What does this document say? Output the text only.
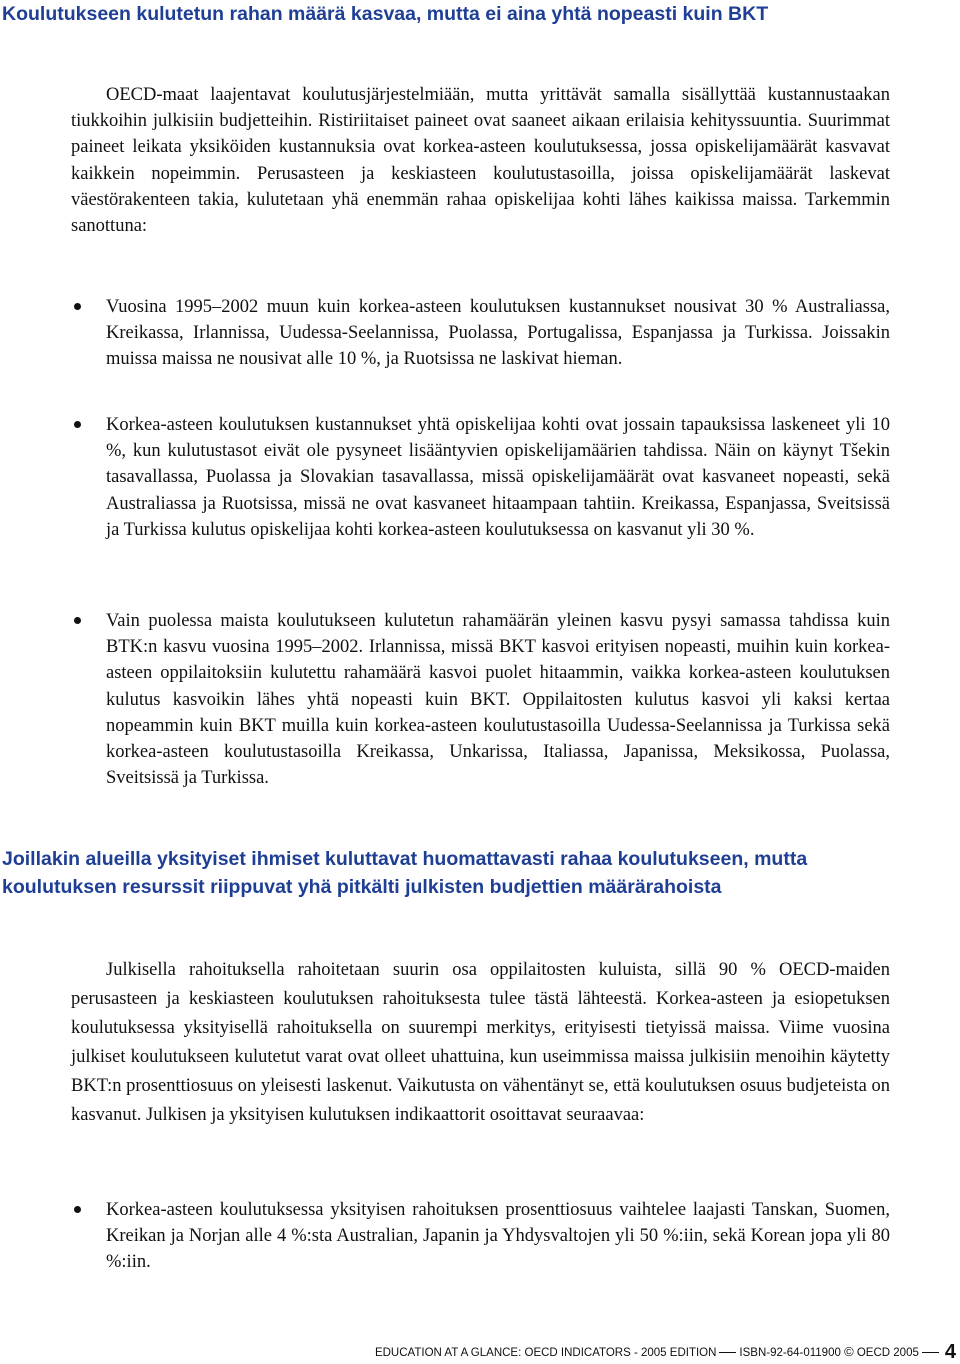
Koulutukseen kulutetun rahan määrä kasvaa, mutta ei aina yhtä nopeasti kuin BKT

OECD-maat laajentavat koulutusjärjestelmiään, mutta yrittävät samalla sisällyttää kustannustaakan tiukkoihin julkisiin budjetteihin. Ristiriitaiset paineet ovat saaneet aikaan erilaisia kehityssuuntia. Suurimmat paineet leikata yksiköiden kustannuksia ovat korkea-asteen koulutuksessa, jossa opiskelijamäärät kasvavat kaikkein nopeimmin. Perusasteen ja keskiasteen koulutustasoilla, joissa opiskelijamäärät laskevat väestörakenteen takia, kulutetaan yhä enemmän rahaa opiskelijaa kohti lähes kaikissa maissa. Tarkemmin sanottuna:

Vuosina 1995–2002 muun kuin korkea-asteen koulutuksen kustannukset nousivat 30 % Australiassa, Kreikassa, Irlannissa, Uudessa-Seelannissa, Puolassa, Portugalissa, Espanjassa ja Turkissa. Joissakin muissa maissa ne nousivat alle 10 %, ja Ruotsissa ne laskivat hieman.

Korkea-asteen koulutuksen kustannukset yhtä opiskelijaa kohti ovat jossain tapauksissa laskeneet yli 10 %, kun kulutustasot eivät ole pysyneet lisääntyvien opiskelijamäärien tahdissa. Näin on käynyt Tšekin tasavallassa, Puolassa ja Slovakian tasavallassa, missä opiskelijamäärät ovat kasvaneet nopeasti, sekä Australiassa ja Ruotsissa, missä ne ovat kasvaneet hitaampaan tahtiin. Kreikassa, Espanjassa, Sveitsissä ja Turkissa kulutus opiskelijaa kohti korkea-asteen koulutuksessa on kasvanut yli 30 %.

Vain puolessa maista koulutukseen kulutetun rahamäärän yleinen kasvu pysyi samassa tahdissa kuin BTK:n kasvu vuosina 1995–2002. Irlannissa, missä BKT kasvoi erityisen nopeasti, muihin kuin korkea-asteen oppilaitoksiin kulutettu rahamäärä kasvoi puolet hitaammin, vaikka korkea-asteen koulutuksen kulutus kasvoikin lähes yhtä nopeasti kuin BKT. Oppilaitosten kulutus kasvoi yli kaksi kertaa nopeammin kuin BKT muilla kuin korkea-asteen koulutustasoilla Uudessa-Seelannissa ja Turkissa sekä korkea-asteen koulutustasoilla Kreikassa, Unkarissa, Italiassa, Japanissa, Meksikossa, Puolassa, Sveitsissä ja Turkissa.

Joillakin alueilla yksityiset ihmiset kuluttavat huomattavasti rahaa koulutukseen, mutta koulutuksen resurssit riippuvat yhä pitkälti julkisten budjettien määrärahoista

Julkisella rahoituksella rahoitetaan suurin osa oppilaitosten kuluista, sillä 90 % OECD-maiden perusasteen ja keskiasteen koulutuksen rahoituksesta tulee tästä lähteestä. Korkea-asteen ja esiopetuksen koulutuksessa yksityisellä rahoituksella on suurempi merkitys, erityisesti tietyissä maissa. Viime vuosina julkiset koulutukseen kulutetut varat ovat olleet uhattuina, kun useimmissa maissa julkisiin menoihin käytetty BKT:n prosenttiosuus on yleisesti laskenut. Vaikutusta on vähentänyt se, että koulutuksen osuus budjeteista on kasvanut. Julkisen ja yksityisen kulutuksen indikaattorit osoittavat seuraavaa:

Korkea-asteen koulutuksessa yksityisen rahoituksen prosenttiosuus vaihtelee laajasti Tanskan, Suomen, Kreikan ja Norjan alle 4 %:sta Australian, Japanin ja Yhdysvaltojen yli 50 %:iin, sekä Korean jopa yli 80 %:iin.

EDUCATION AT A GLANCE: OECD INDICATORS - 2005 EDITION ISBN-92-64-011900 © OECD 2005 4
